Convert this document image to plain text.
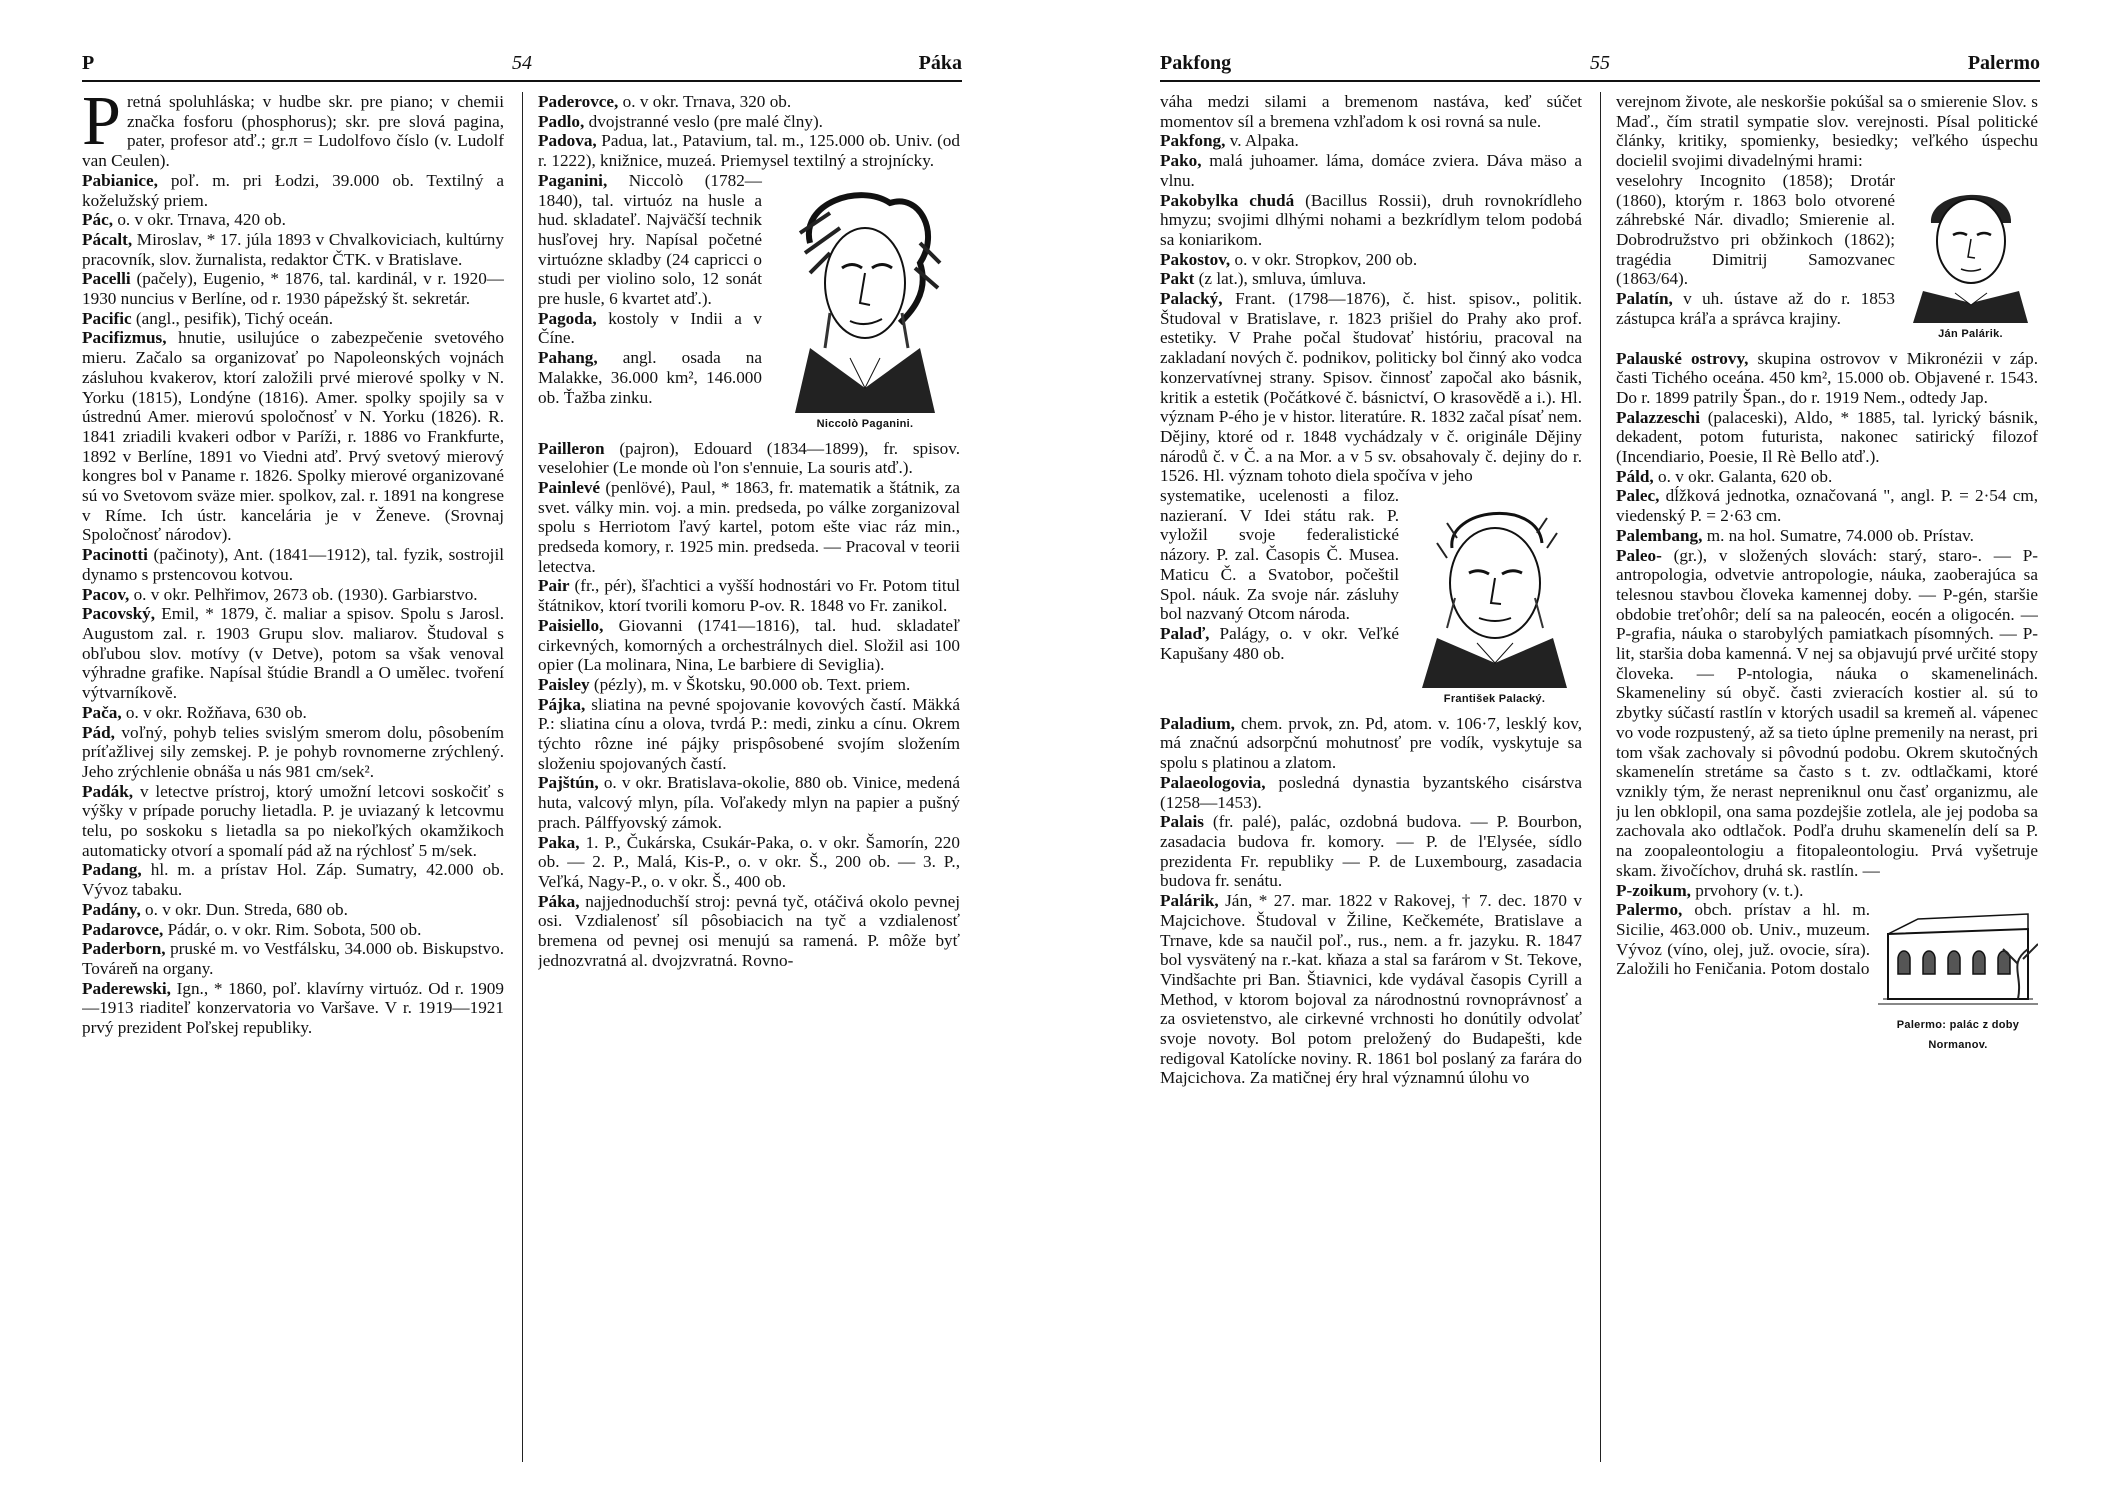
P	54	Páka

Pretná spoluhláska; v hudbe skr. pre piano; v chemii značka fosforu (phosphorus); skr. pre slová pagina, pater, profesor atď.; gr.π = Ludolfovo číslo (v. Ludolf van Ceulen).

Pabianice, poľ. m. pri Łodzi, 39.000 ob. Textilný a koželužský priem.

Pác, o. v okr. Trnava, 420 ob.

Pácalt, Miroslav, * 17. júla 1893 v Chvalkoviciach, kultúrny pracovník, slov. žurnalista, redaktor ČTK. v Bratislave.

Pacelli (pačely), Eugenio, * 1876, tal. kardinál, v r. 1920—1930 nuncius v Berlíne, od r. 1930 pápežský št. sekretár.

Pacific (angl., pesifik), Tichý oceán.

Pacifizmus, hnutie, usilujúce o zabezpečenie svetového mieru. Začalo sa organizovať po Napoleonských vojnách zásluhou kvakerov, ktorí založili prvé mierové spolky v N. Yorku (1815), Londýne (1816). Amer. spolky spojily sa v ústrednú Amer. mierovú spoločnosť v N. Yorku (1826). R. 1841 zriadili kvakeri odbor v Paríži, r. 1886 vo Frankfurte, 1892 v Berlíne, 1891 vo Viedni atď. Prvý svetový mierový kongres bol v Paname r. 1826. Spolky mierové organizované sú vo Svetovom sväze mier. spolkov, zal. r. 1891 na kongrese v Ríme. Ich ústr. kancelária je v Ženeve. (Srovnaj Spoločnosť národov).

Pacinotti (pačinoty), Ant. (1841—1912), tal. fyzik, sostrojil dynamo s prstencovou kotvou.

Pacov, o. v okr. Pelhřimov, 2673 ob. (1930). Garbiarstvo.

Pacovský, Emil, * 1879, č. maliar a spisov. Spolu s Jarosl. Augustom zal. r. 1903 Grupu slov. maliarov. Študoval s obľubou slov. motívy (v Detve), potom sa však venoval výhradne grafike. Napísal štúdie Brandl a O umělec. tvoření výtvarníkově.

Pača, o. v okr. Rožňava, 630 ob.

Pád, voľný, pohyb telies svislým smerom dolu, pôsobením príťažlivej sily zemskej. P. je pohyb rovnomerne zrýchlený. Jeho zrýchlenie obnáša u nás 981 cm/sek².

Padák, v letectve prístroj, ktorý umožní letcovi soskočiť s výšky v prípade poruchy lietadla. P. je uviazaný k letcovmu telu, po soskoku s lietadla sa po niekoľkých okamžikoch automaticky otvorí a spomalí pád až na rýchlosť 5 m/sek.

Padang, hl. m. a prístav Hol. Záp. Sumatry, 42.000 ob. Vývoz tabaku.

Padány, o. v okr. Dun. Streda, 680 ob.

Padarovce, Pádár, o. v okr. Rim. Sobota, 500 ob.

Paderborn, pruské m. vo Vestfálsku, 34.000 ob. Biskupstvo. Továreň na organy.

Paderewski, Ign., * 1860, poľ. klavírny virtuóz. Od r. 1909—1913 riaditeľ konzervatoria vo Varšave. V r. 1919—1921 prvý prezident Poľskej republiky.

Paderovce, o. v okr. Trnava, 320 ob.

Padlo, dvojstranné veslo (pre malé člny).

Padova, Padua, lat., Patavium, tal. m., 125.000 ob. Univ. (od r. 1222), knižnice, muzeá. Priemysel textilný a strojnícky.

Niccolò Paganini.

Paganini, Niccolò (1782—1840), tal. virtuóz na husle a hud. skladateľ. Najväčší technik husľovej hry. Napísal početné virtuózne skladby (24 capricci o studi per violino solo, 12 sonát pre husle, 6 kvartet atď.).

Pagoda, kostoly v Indii a v Číne.

Pahang, angl. osada na Malakke, 36.000 km², 146.000 ob. Ťažba zinku.

Pailleron (pajron), Edouard (1834—1899), fr. spisov. veselohier (Le monde où l'on s'ennuie, La souris atď.).

Painlevé (penlövé), Paul, * 1863, fr. matematik a štátnik, za svet. války min. voj. a min. predseda, po válke zorganizoval spolu s Herriotom ľavý kartel, potom ešte viac ráz min., predseda komory, r. 1925 min. predseda. — Pracoval v teorii letectva.

Pair (fr., pér), šľachtici a vyšší hodnostári vo Fr. Potom titul štátnikov, ktorí tvorili komoru P-ov. R. 1848 vo Fr. zanikol.

Paisiello, Giovanni (1741—1816), tal. hud. skladateľ cirkevných, komorných a orchestrálnych diel. Složil asi 100 opier (La molinara, Nina, Le barbiere di Seviglia).

Paisley (pézly), m. v Škotsku, 90.000 ob. Text. priem.

Pájka, sliatina na pevné spojovanie kovových častí. Mäkká P.: sliatina cínu a olova, tvrdá P.: medi, zinku a cínu. Okrem týchto rôzne iné pájky prispôsobené svojím složením složeniu spojovaných častí.

Pajštún, o. v okr. Bratislava-okolie, 880 ob. Vinice, medená huta, valcový mlyn, píla. Voľakedy mlyn na papier a pušný prach. Pálffyovský zámok.

Paka, 1. P., Čukárska, Csukár-Paka, o. v okr. Šamorín, 220 ob. — 2. P., Malá, Kis-P., o. v okr. Š., 200 ob. — 3. P., Veľká, Nagy-P., o. v okr. Š., 400 ob.

Páka, najjednoduchší stroj: pevná tyč, otáčivá okolo pevnej osi. Vzdialenosť síl pôsobiacich na tyč a vzdialenosť bremena od pevnej osi menujú sa ramená. P. môže byť jednozvratná al. dvojzvratná. Rovno-

Pakfong	55	Palermo

váha medzi silami a bremenom nastáva, keď súčet momentov síl a bremena vzhľadom k osi rovná sa nule.

Pakfong, v. Alpaka.

Pako, malá juhoamer. láma, domáce zviera. Dáva mäso a vlnu.

Pakobylka chudá (Bacillus Rossii), druh rovnokrídleho hmyzu; svojimi dlhými nohami a bezkrídlym telom podobá sa koniarikom.

Pakostov, o. v okr. Stropkov, 200 ob.

Pakt (z lat.), smluva, úmluva.

Palacký, Frant. (1798—1876), č. hist. spisov., politik. Študoval v Bratislave, r. 1823 prišiel do Prahy ako prof. estetiky. V Prahe počal študovať históriu, pracoval na zakladaní nových č. podnikov, politicky bol činný ako vodca konzervatívnej strany. Spisov. činnosť započal ako básnik, kritik a estetik (Počátkové č. básnictví, O krasovědě a i.). Hl. význam P-ého je v histor. literatúre. R. 1832 začal písať nem. Dějiny, ktoré od r. 1848 vychádzaly v č. originále Dějiny národů č. v Č. a na Mor. a v 5 sv. obsahovaly č. dejiny do r. 1526. Hl. význam tohoto diela spočíva v jeho

František Palacký.

systematike, ucelenosti a filoz. nazieraní. V Idei státu rak. P. vyložil svoje federalistické názory. P. zal. Časopis Č. Musea. Maticu Č. a Svatobor, počeštil Spol. náuk. Za svoje nár. zásluhy bol nazvaný Otcom národa.

Palaď, Palágy, o. v okr. Veľké Kapušany 480 ob.

Paladium, chem. prvok, zn. Pd, atom. v. 106·7, lesklý kov, má značnú adsorpčnú mohutnosť pre vodík, vyskytuje sa spolu s platinou a zlatom.

Palaeologovia, posledná dynastia byzantského cisárstva (1258—1453).

Palais (fr. palé), palác, ozdobná budova. — P. Bourbon, zasadacia budova fr. komory. — P. de l'Elysée, sídlo prezidenta Fr. republiky — P. de Luxembourg, zasadacia budova fr. senátu.

Palárik, Ján, * 27. mar. 1822 v Rakovej, † 7. dec. 1870 v Majcichove. Študoval v Žiline, Kečkeméte, Bratislave a Trnave, kde sa naučil poľ., rus., nem. a fr. jazyku. R. 1847 bol vysvätený na r.-kat. kňaza a stal sa farárom v St. Tekove, Vindšachte pri Ban. Štiavnici, kde vydával časopis Cyrill a Method, v ktorom bojoval za národnostnú rovnoprávnosť a za osvietenstvo, ale cirkevné vrchnosti ho donútily odvolať svoje novoty. Bol potom preložený do Budapešti, kde redigoval Katolícke noviny. R. 1861 bol poslaný za farára do Majcichova. Za matičnej éry hral významnú úlohu vo

verejnom živote, ale neskoršie pokúšal sa o smierenie Slov. s Maď., čím stratil sympatie slov. verejnosti. Písal politické články, kritiky, spomienky, besiedky; veľkého úspechu docielil svojimi divadelnými hrami:

Ján Palárik.

veselohry Incognito (1858); Drotár (1860), ktorým r. 1863 bolo otvorené záhrebské Nár. divadlo; Smierenie al. Dobrodružstvo pri obžinkoch (1862); tragédia Dimitrij Samozvanec (1863/64).

Palatín, v uh. ústave až do r. 1853 zástupca kráľa a správca krajiny.

Palauské ostrovy, skupina ostrovov v Mikronézii v záp. časti Tichého oceána. 450 km², 15.000 ob. Objavené r. 1543. Do r. 1899 patrily Špan., do r. 1919 Nem., odtedy Jap.

Palazzeschi (palaceski), Aldo, * 1885, tal. lyrický básnik, dekadent, potom futurista, nakonec satirický filozof (Incendiario, Poesie, Il Rè Bello atď.).

Páld, o. v okr. Galanta, 620 ob.

Palec, dĺžková jednotka, označovaná ", angl. P. = 2·54 cm, viedenský P. = 2·63 cm.

Palembang, m. na hol. Sumatre, 74.000 ob. Prístav.

Paleo- (gr.), v složených slovách: starý, staro-. — P-antropologia, odvetvie antropologie, náuka, zaoberajúca sa telesnou stavbou človeka kamennej doby. — P-gén, staršie obdobie treťohôr; delí sa na paleocén, eocén a oligocén. — P-grafia, náuka o starobylých pamiatkach písomných. — P-lit, staršia doba kamenná. V nej sa objavujú prvé určité stopy človeka. — P-ntologia, náuka o skamenelinách. Skameneliny sú obyč. časti zvieracích kostier al. sú to zbytky súčastí rastlín v ktorých usadil sa kremeň al. vápenec vo vode rozpustený, až sa tieto úplne premenily na nerast, pri tom však zachovaly si pôvodnú podobu. Okrem skutočných skamenelín stretáme sa často s t. zv. odtlačkami, ktoré vznikly tým, že nerast nepreniknul onu časť organizmu, ale ju len obklopil, ona sama pozdejšie zotlela, ale jej podoba sa zachovala ako odtlačok. Podľa druhu skamenelín delí sa P. na zoopaleontologiu a fitopaleontologiu. Prvá vyšetruje skam. živočíchov, druhá sk. rastlín. —

P-zoikum, prvohory (v. t.).

Palermo: palác z doby Normanov.

Palermo, obch. prístav a hl. m. Sicilie, 463.000 ob. Univ., muzeum. Vývoz (víno, olej, juž. ovocie, síra). Založili ho Feničania. Potom dostalo
